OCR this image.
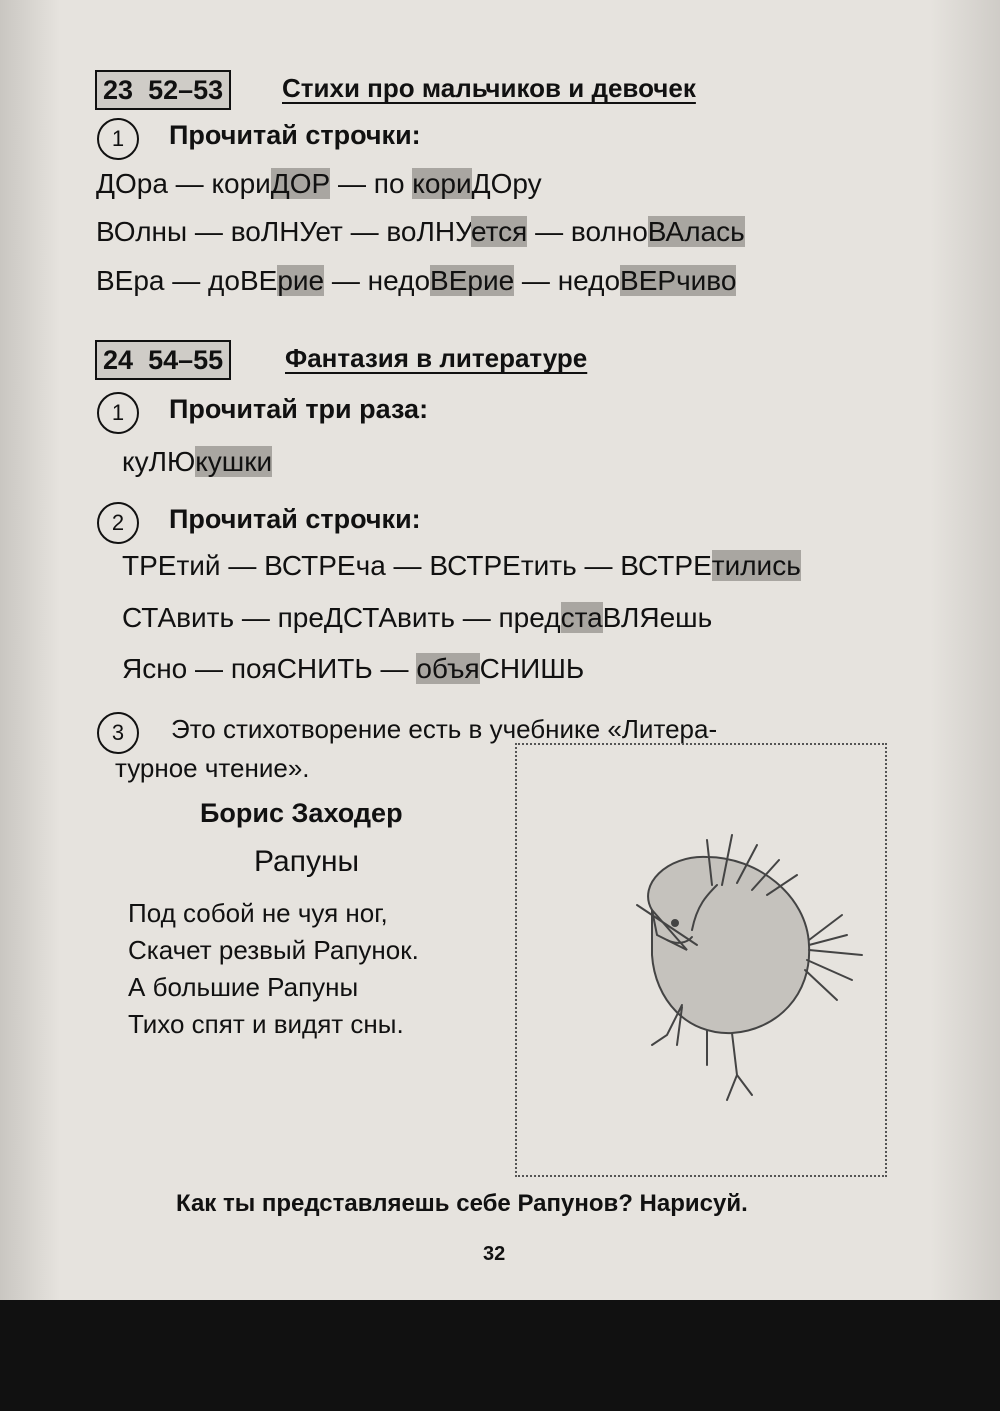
23 52–53	Стихи про мальчиков и девочек
1	Прочитай строчки:
ДОра — кориДОР — по кориДОру
ВОлны — воЛНУет — воЛНУется — волноВАлась
ВЕра — доВЕрие — недоВЕрие — недоВЕРчиво
24 54–55	Фантазия в литературе
1	Прочитай три раза:
куЛЮкушки
2	Прочитай строчки:
ТРЕтий — ВСТРЕча — ВСТРЕтить — ВСТРЕтились
СТАвить — преДСТАвить — предстаВЛЯешь
Ясно — пояСНИТЬ — объяСНИШЬ
3	Это стихотворение есть в учебнике «Литера-
турное чтение».
Борис Заходер
Рапуны
Под собой не чуя ног,
Скачет резвый Рапунок.
А большие Рапуны
Тихо спят и видят сны.
Как ты представляешь себе Рапунов? Нарисуй.
32
